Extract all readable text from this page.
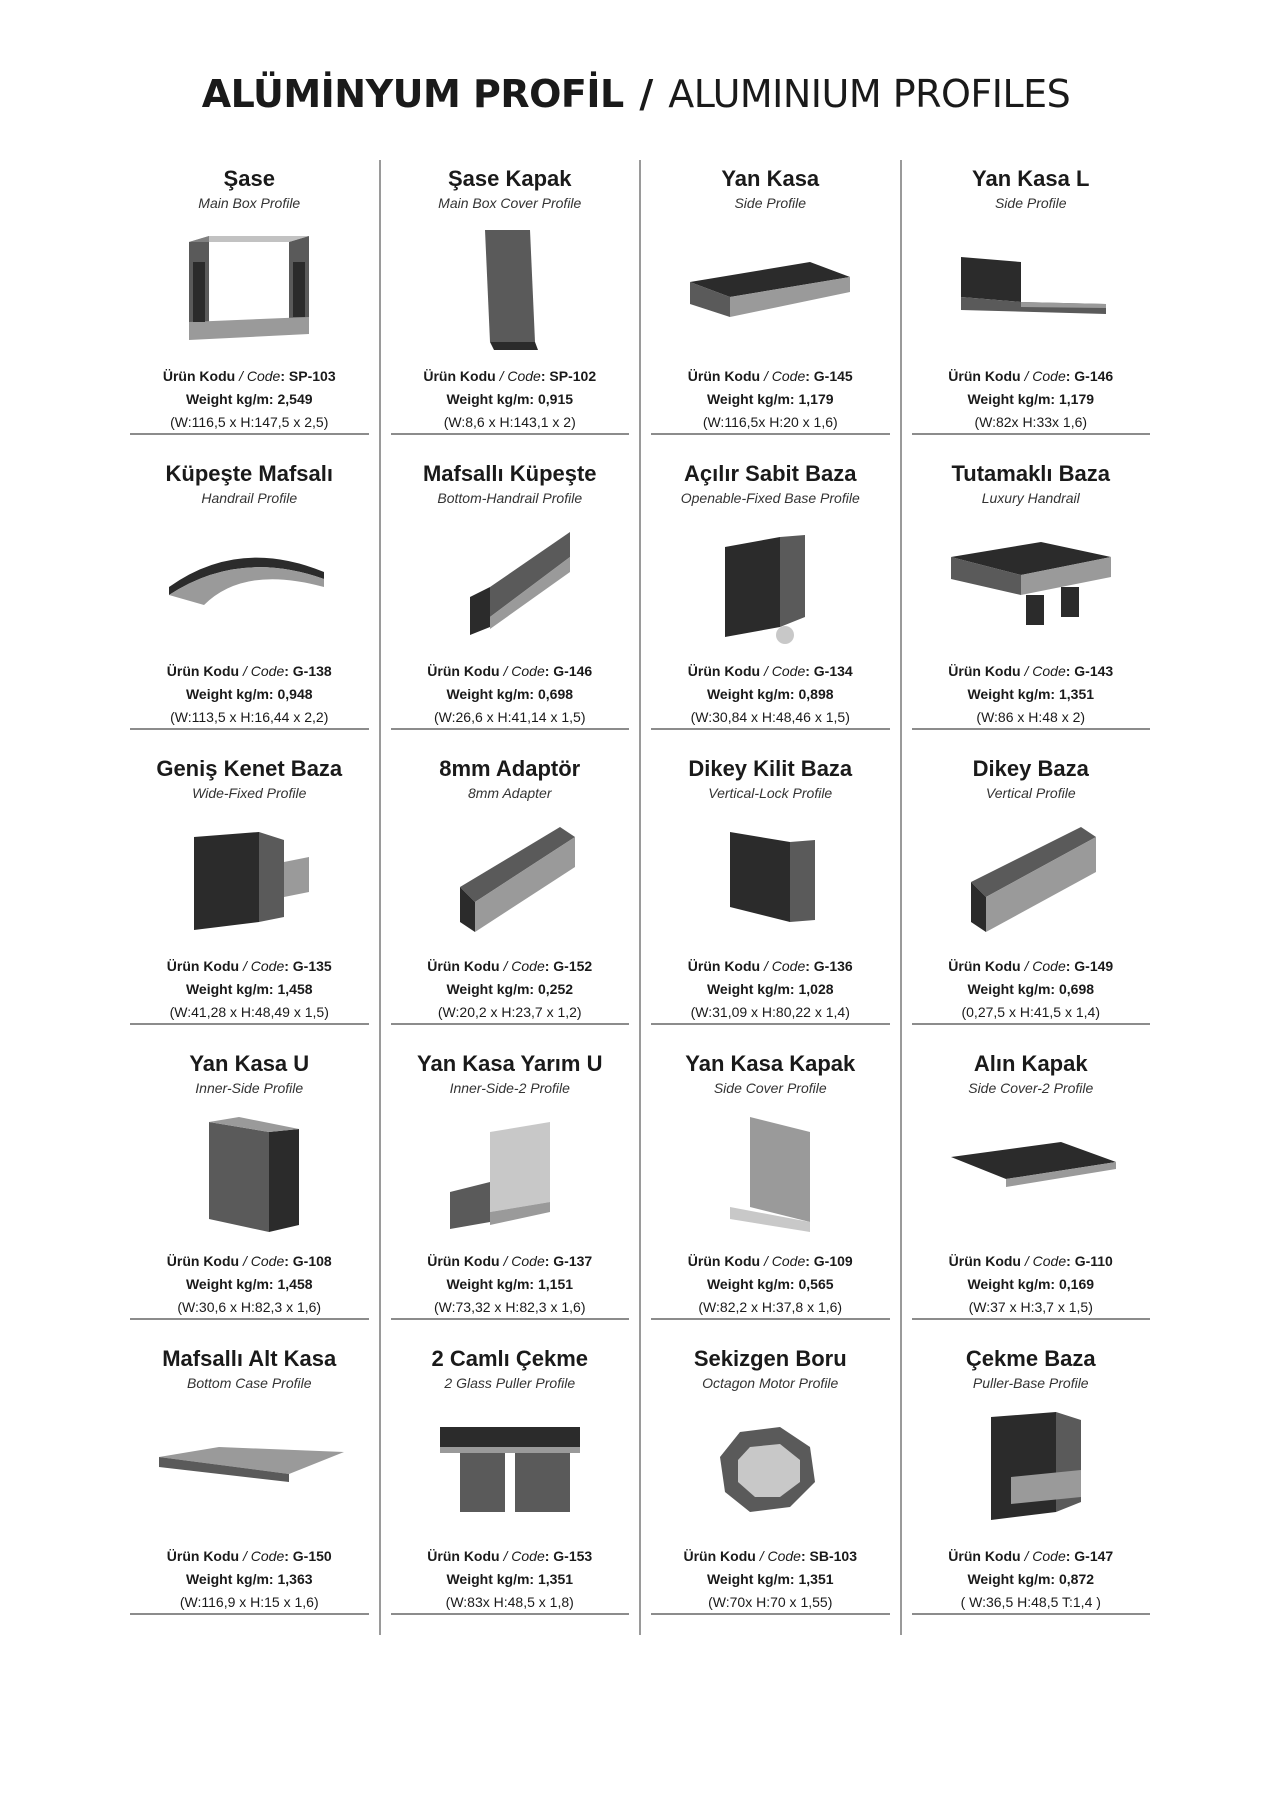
ALÜMİNYUM PROFİL / ALUMINIUM PROFILES
Şase
Main Box Profile
Ürün Kodu / Code: SP-103
Weight kg/m: 2,549
(W:116,5 x H:147,5 x 2,5)
Şase Kapak
Main Box Cover Profile
Ürün Kodu / Code: SP-102
Weight kg/m: 0,915
(W:8,6 x H:143,1 x 2)
Yan Kasa
Side Profile
Ürün Kodu / Code: G-145
Weight kg/m: 1,179
(W:116,5x H:20 x 1,6)
Yan Kasa L
Side Profile
Ürün Kodu / Code: G-146
Weight kg/m: 1,179
(W:82x H:33x 1,6)
Küpeşte Mafsalı
Handrail Profile
Ürün Kodu / Code: G-138
Weight kg/m: 0,948
(W:113,5 x H:16,44 x 2,2)
Mafsallı Küpeşte
Bottom-Handrail Profile
Ürün Kodu / Code: G-146
Weight kg/m: 0,698
(W:26,6 x H:41,14 x 1,5)
Açılır Sabit Baza
Openable-Fixed Base Profile
Ürün Kodu / Code: G-134
Weight kg/m: 0,898
(W:30,84 x H:48,46 x 1,5)
Tutamaklı Baza
Luxury Handrail
Ürün Kodu / Code: G-143
Weight kg/m: 1,351
(W:86 x H:48 x 2)
Geniş Kenet Baza
Wide-Fixed Profile
Ürün Kodu / Code: G-135
Weight kg/m: 1,458
(W:41,28 x H:48,49 x 1,5)
8mm Adaptör
8mm Adapter
Ürün Kodu / Code: G-152
Weight kg/m: 0,252
(W:20,2 x H:23,7 x 1,2)
Dikey Kilit Baza
Vertical-Lock Profile
Ürün Kodu / Code: G-136
Weight kg/m: 1,028
(W:31,09 x H:80,22 x 1,4)
Dikey Baza
Vertical Profile
Ürün Kodu / Code: G-149
Weight kg/m: 0,698
(0,27,5 x H:41,5 x 1,4)
Yan Kasa U
Inner-Side Profile
Ürün Kodu / Code: G-108
Weight kg/m: 1,458
(W:30,6 x H:82,3 x 1,6)
Yan Kasa Yarım U
Inner-Side-2 Profile
Ürün Kodu / Code: G-137
Weight kg/m: 1,151
(W:73,32 x H:82,3 x 1,6)
Yan Kasa Kapak
Side Cover Profile
Ürün Kodu / Code: G-109
Weight kg/m: 0,565
(W:82,2 x H:37,8 x 1,6)
Alın Kapak
Side Cover-2 Profile
Ürün Kodu / Code: G-110
Weight kg/m: 0,169
(W:37 x H:3,7 x 1,5)
Mafsallı Alt Kasa
Bottom Case Profile
Ürün Kodu / Code: G-150
Weight kg/m: 1,363
(W:116,9 x H:15 x 1,6)
2 Camlı Çekme
2 Glass Puller Profile
Ürün Kodu / Code: G-153
Weight kg/m: 1,351
(W:83x H:48,5 x 1,8)
Sekizgen Boru
Octagon Motor Profile
Ürün Kodu / Code: SB-103
Weight kg/m: 1,351
(W:70x H:70 x 1,55)
Çekme Baza
Puller-Base Profile
Ürün Kodu / Code: G-147
Weight kg/m: 0,872
( W:36,5 H:48,5 T:1,4 )
